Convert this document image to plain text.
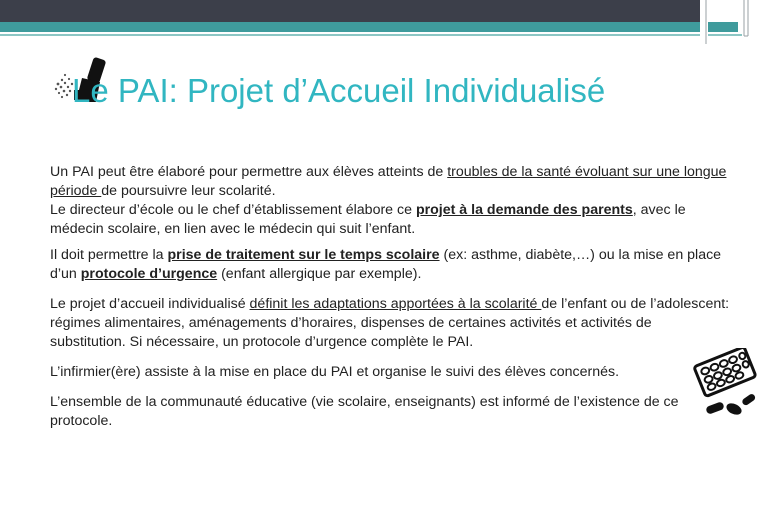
Le PAI: Projet d’Accueil Individualisé

Un PAI peut être élaboré pour permettre aux élèves atteints de troubles de la santé évoluant sur une longue période de poursuivre leur scolarité.
Le directeur d’école ou le chef d’établissement élabore ce projet à la demande des parents, avec le médecin scolaire, en lien avec le médecin qui suit l’enfant.

Il doit permettre la prise de traitement sur le temps scolaire (ex: asthme, diabète,…) ou la mise en place d’un protocole d’urgence (enfant allergique par exemple).

Le projet d’accueil individualisé définit les adaptations apportées à la scolarité de l’enfant ou de l’adolescent: régimes alimentaires, aménagements d’horaires, dispenses de certaines activités et activités de substitution. Si nécessaire, un protocole d’urgence complète le PAI.

L’infirmier(ère) assiste à la mise en place du PAI et organise le suivi des élèves concernés.

L’ensemble de la communauté éducative (vie scolaire, enseignants) est informé de l’existence de ce protocole.
